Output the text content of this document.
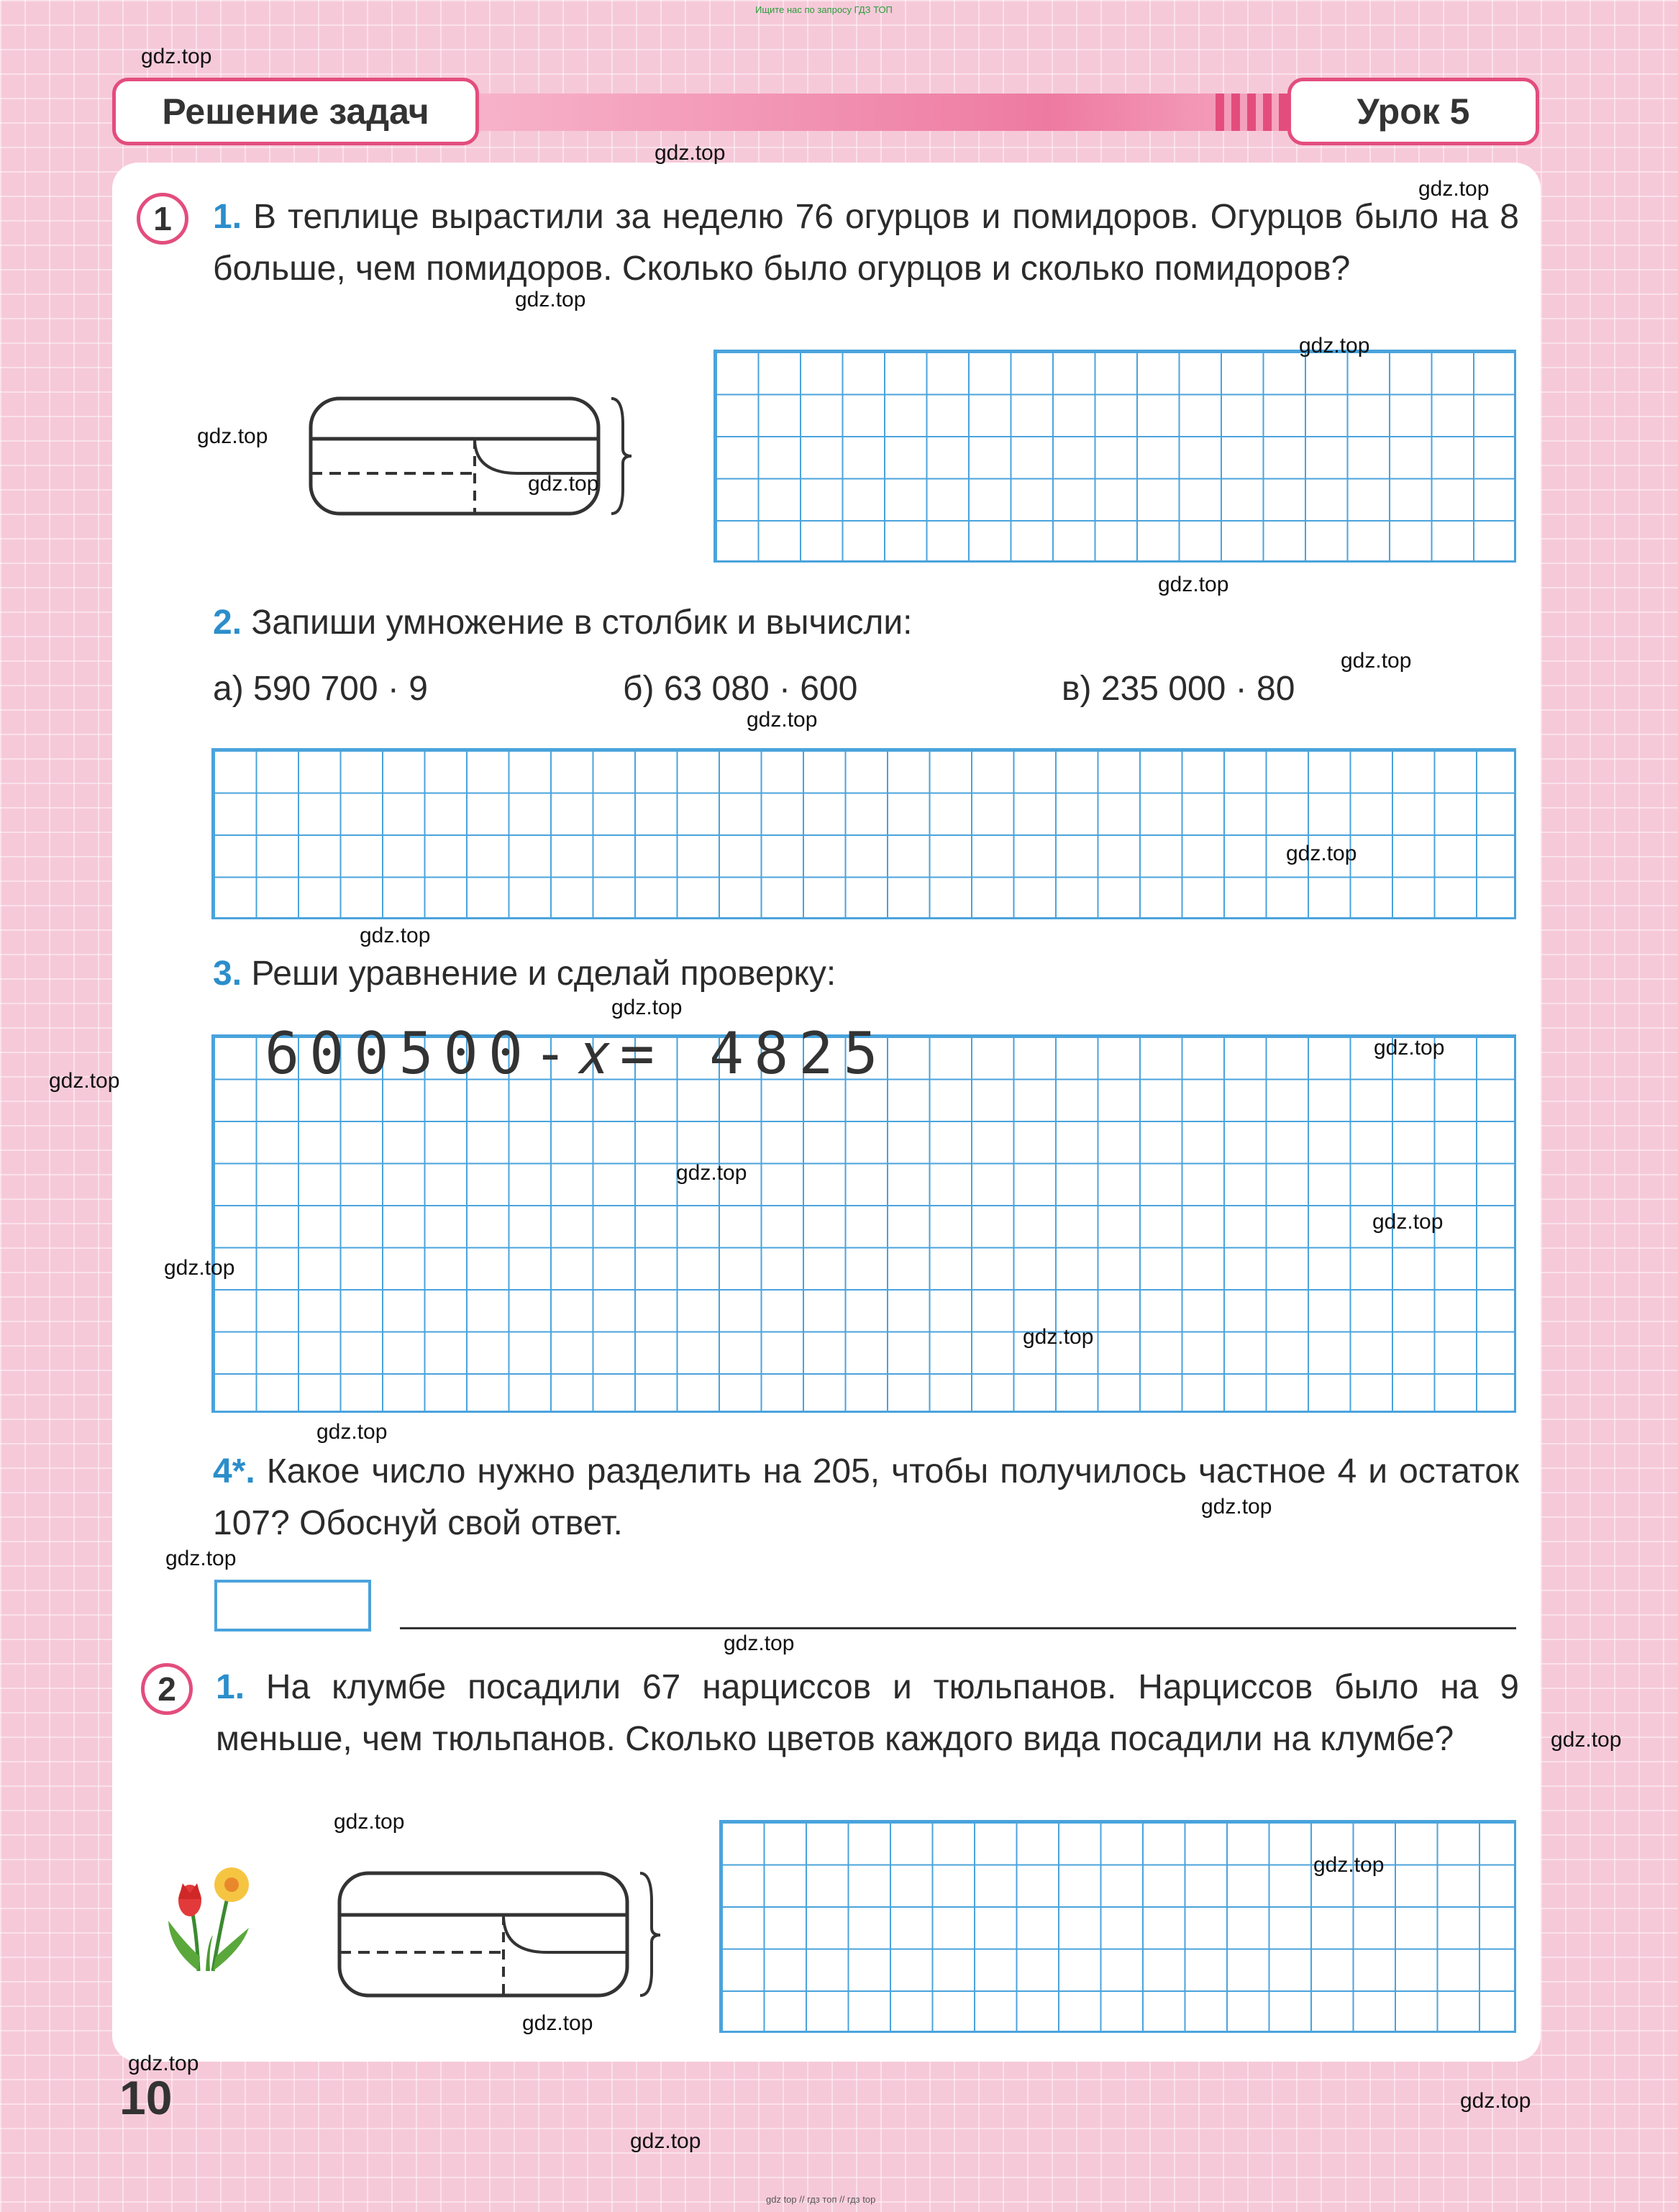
Ищите нас по запросу ГДЗ ТОП
Решение задач	Урок 5
1	1. В теплице вырастили за неделю 76 огурцов и помидоров. Огурцов было на 8 больше, чем помидоров. Сколько было огурцов и сколько помидоров?
2. Запиши умножение в столбик и вычисли:
а) 590 700 · 9	б) 63 080 · 600	в) 235 000 · 80
3. Реши уравнение и сделай проверку:
600500-𝑥= 4825
4*. Какое число нужно разделить на 205, чтобы получилось частное 4 и остаток 107? Обоснуй свой ответ.
2	1. На клумбе посадили 67 нарциссов и тюльпанов. Нарциссов было на 9 меньше, чем тюльпанов. Сколько цветов каждого вида посадили на клумбе?
10
gdz.top
gdz.top
gdz.top
gdz.top
gdz.top
gdz.top
gdz.top
gdz.top
gdz.top
gdz.top
gdz.top
gdz.top
gdz.top
gdz.top
gdz.top
gdz.top
gdz.top
gdz.top
gdz.top
gdz.top
gdz.top
gdz.top
gdz.top
gdz.top
gdz.top
gdz.top
gdz.top
gdz.top
gdz.top
gdz.top
gdz top // гдз топ // гдз top
